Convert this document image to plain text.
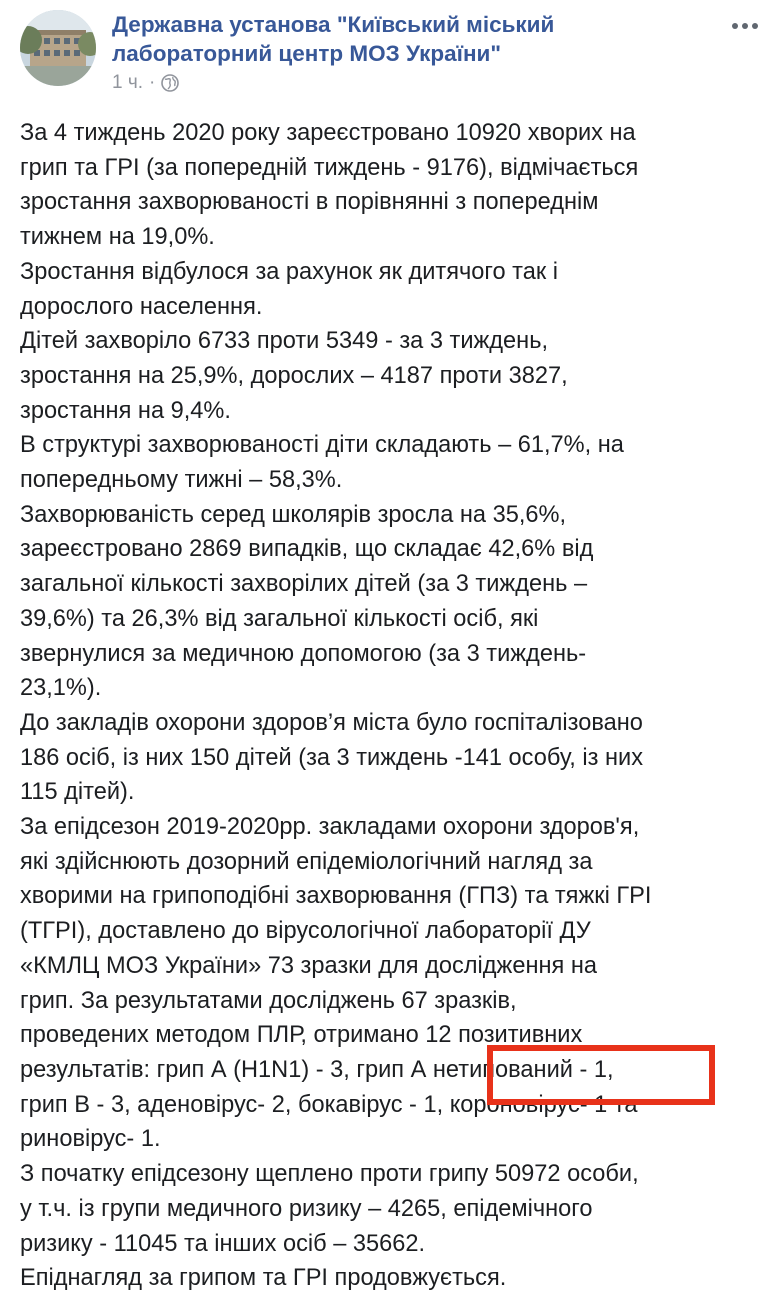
Державна установа "Київський міський лабораторний центр МОЗ України"
1 ч. ·

За 4 тиждень 2020 року зареєстровано 10920 хворих на
грип та ГРІ (за попередній тиждень - 9176), відмічається
зростання захворюваності в порівнянні з попереднім
тижнем на 19,0%.

Зростання відбулося за рахунок як дитячого так і
дорослого населення.

Дітей захворіло 6733 проти 5349 - за 3 тиждень,
зростання на 25,9%, дорослих – 4187 проти 3827,
зростання на 9,4%.

В структурі захворюваності діти складають – 61,7%, на
попередньому тижні – 58,3%.

Захворюваність серед школярів зросла на 35,6%,
зареєстровано 2869 випадків, що складає 42,6% від
загальної кількості захворілих дітей (за 3 тиждень –
39,6%) та 26,3% від загальної кількості осіб, які
звернулися за медичною допомогою (за 3 тиждень-
23,1%).

До закладів охорони здоров’я міста було госпіталізовано
186 осіб, із них 150 дітей (за 3 тиждень -141 особу, із них
115 дітей).

За епідсезон 2019-2020рр. закладами охорони здоров'я,
які здійснюють дозорний епідеміологічний нагляд за
хворими на грипоподібні захворювання (ГПЗ) та тяжкі ГРІ
(ТГРІ), доставлено до вірусологічної лабораторії ДУ
«КМЛЦ МОЗ України» 73 зразки для дослідження на
грип. За результатами досліджень 67 зразків,
проведених методом ПЛР, отримано 12 позитивних
результатів: грип А (H1N1) - 3, грип А нетипований - 1,
грип В - 3, аденовірус- 2, бокавірус - 1, короновірус- 1 та
риновірус- 1.

З початку епідсезону щеплено проти грипу 50972 особи,
у т.ч. із групи медичного ризику – 4265, епідемічного
ризику - 11045 та інших осіб – 35662.

Епіднагляд за грипом та ГРІ продовжується.
